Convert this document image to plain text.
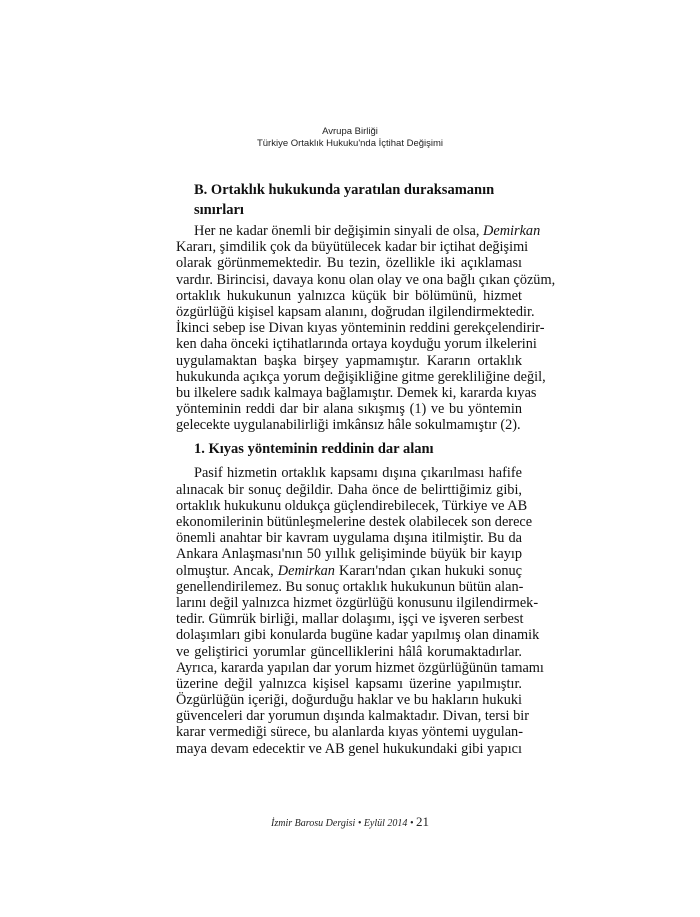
Avrupa Birliği
Türkiye Ortaklık Hukuku'nda İçtihat Değişimi
B. Ortaklık hukukunda yaratılan duraksamanın sınırları
Her ne kadar önemli bir değişimin sinyali de olsa, Demirkan
Kararı, şimdilik çok da büyütülecek kadar bir içtihat değişimi
olarak görünmemektedir. Bu tezin, özellikle iki açıklaması
vardır. Birincisi, davaya konu olan olay ve ona bağlı çıkan çözüm,
ortaklık hukukunun yalnızca küçük bir bölümünü, hizmet
özgürlüğü kişisel kapsam alanını, doğrudan ilgilendirmektedir.
İkinci sebep ise Divan kıyas yönteminin reddini gerekçelendirir-
ken daha önceki içtihatlarında ortaya koyduğu yorum ilkelerini
uygulamaktan başka birşey yapmamıştır. Kararın ortaklık
hukukunda açıkça yorum değişikliğine gitme gerekliliğine değil,
bu ilkelere sadık kalmaya bağlamıştır. Demek ki, kararda kıyas
yönteminin reddi dar bir alana sıkışmış (1) ve bu yöntemin
gelecekte uygulanabilirliği imkânsız hâle sokulmamıştır (2).
1. Kıyas yönteminin reddinin dar alanı
Pasif hizmetin ortaklık kapsamı dışına çıkarılması hafife
alınacak bir sonuç değildir. Daha önce de belirttiğimiz gibi,
ortaklık hukukunu oldukça güçlendirebilecek, Türkiye ve AB
ekonomilerinin bütünleşmelerine destek olabilecek son derece
önemli anahtar bir kavram uygulama dışına itilmiştir. Bu da
Ankara Anlaşması'nın 50 yıllık gelişiminde büyük bir kayıp
olmuştur. Ancak, Demirkan Kararı'ndan çıkan hukuki sonuç
genellendirilemez. Bu sonuç ortaklık hukukunun bütün alan-
larını değil yalnızca hizmet özgürlüğü konusunu ilgilendirmek-
tedir. Gümrük birliği, mallar dolaşımı, işçi ve işveren serbest
dolaşımları gibi konularda bugüne kadar yapılmış olan dinamik
ve geliştirici yorumlar güncelliklerini hâlâ korumaktadırlar.
Ayrıca, kararda yapılan dar yorum hizmet özgürlüğünün tamamı
üzerine değil yalnızca kişisel kapsamı üzerine yapılmıştır.
Özgürlüğün içeriği, doğurduğu haklar ve bu hakların hukuki
güvenceleri dar yorumun dışında kalmaktadır. Divan, tersi bir
karar vermediği sürece, bu alanlarda kıyas yöntemi uygulan-
maya devam edecektir ve AB genel hukukundaki gibi yapıcı
İzmir Barosu Dergisi • Eylül 2014 • 21
